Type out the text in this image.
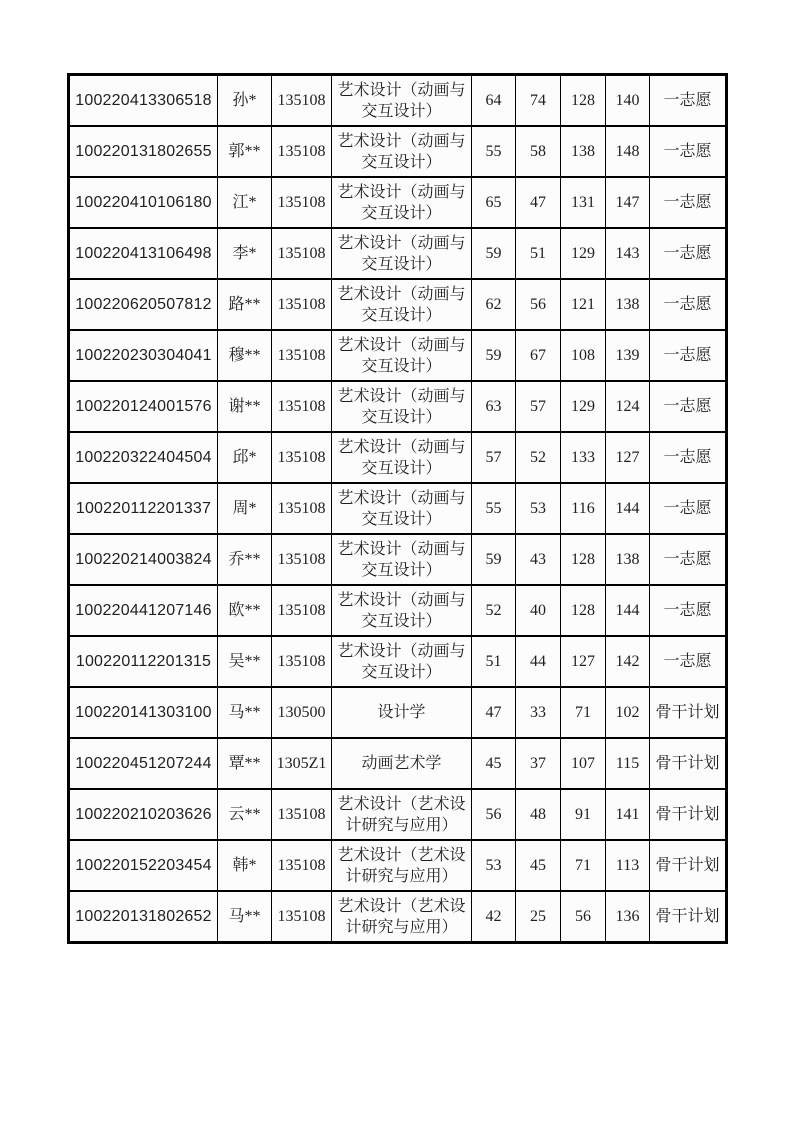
100220413306518	孙*	135108	艺术设计（动画与交互设计）	64	74	128	140	一志愿
100220131802655	郭**	135108	艺术设计（动画与交互设计）	55	58	138	148	一志愿
100220410106180	江*	135108	艺术设计（动画与交互设计）	65	47	131	147	一志愿
100220413106498	李*	135108	艺术设计（动画与交互设计）	59	51	129	143	一志愿
100220620507812	路**	135108	艺术设计（动画与交互设计）	62	56	121	138	一志愿
100220230304041	穆**	135108	艺术设计（动画与交互设计）	59	67	108	139	一志愿
100220124001576	谢**	135108	艺术设计（动画与交互设计）	63	57	129	124	一志愿
100220322404504	邱*	135108	艺术设计（动画与交互设计）	57	52	133	127	一志愿
100220112201337	周*	135108	艺术设计（动画与交互设计）	55	53	116	144	一志愿
100220214003824	乔**	135108	艺术设计（动画与交互设计）	59	43	128	138	一志愿
100220441207146	欧**	135108	艺术设计（动画与交互设计）	52	40	128	144	一志愿
100220112201315	吴**	135108	艺术设计（动画与交互设计）	51	44	127	142	一志愿
100220141303100	马**	130500	设计学	47	33	71	102	骨干计划
100220451207244	覃**	1305Z1	动画艺术学	45	37	107	115	骨干计划
100220210203626	云**	135108	艺术设计（艺术设计研究与应用）	56	48	91	141	骨干计划
100220152203454	韩*	135108	艺术设计（艺术设计研究与应用）	53	45	71	113	骨干计划
100220131802652	马**	135108	艺术设计（艺术设计研究与应用）	42	25	56	136	骨干计划
